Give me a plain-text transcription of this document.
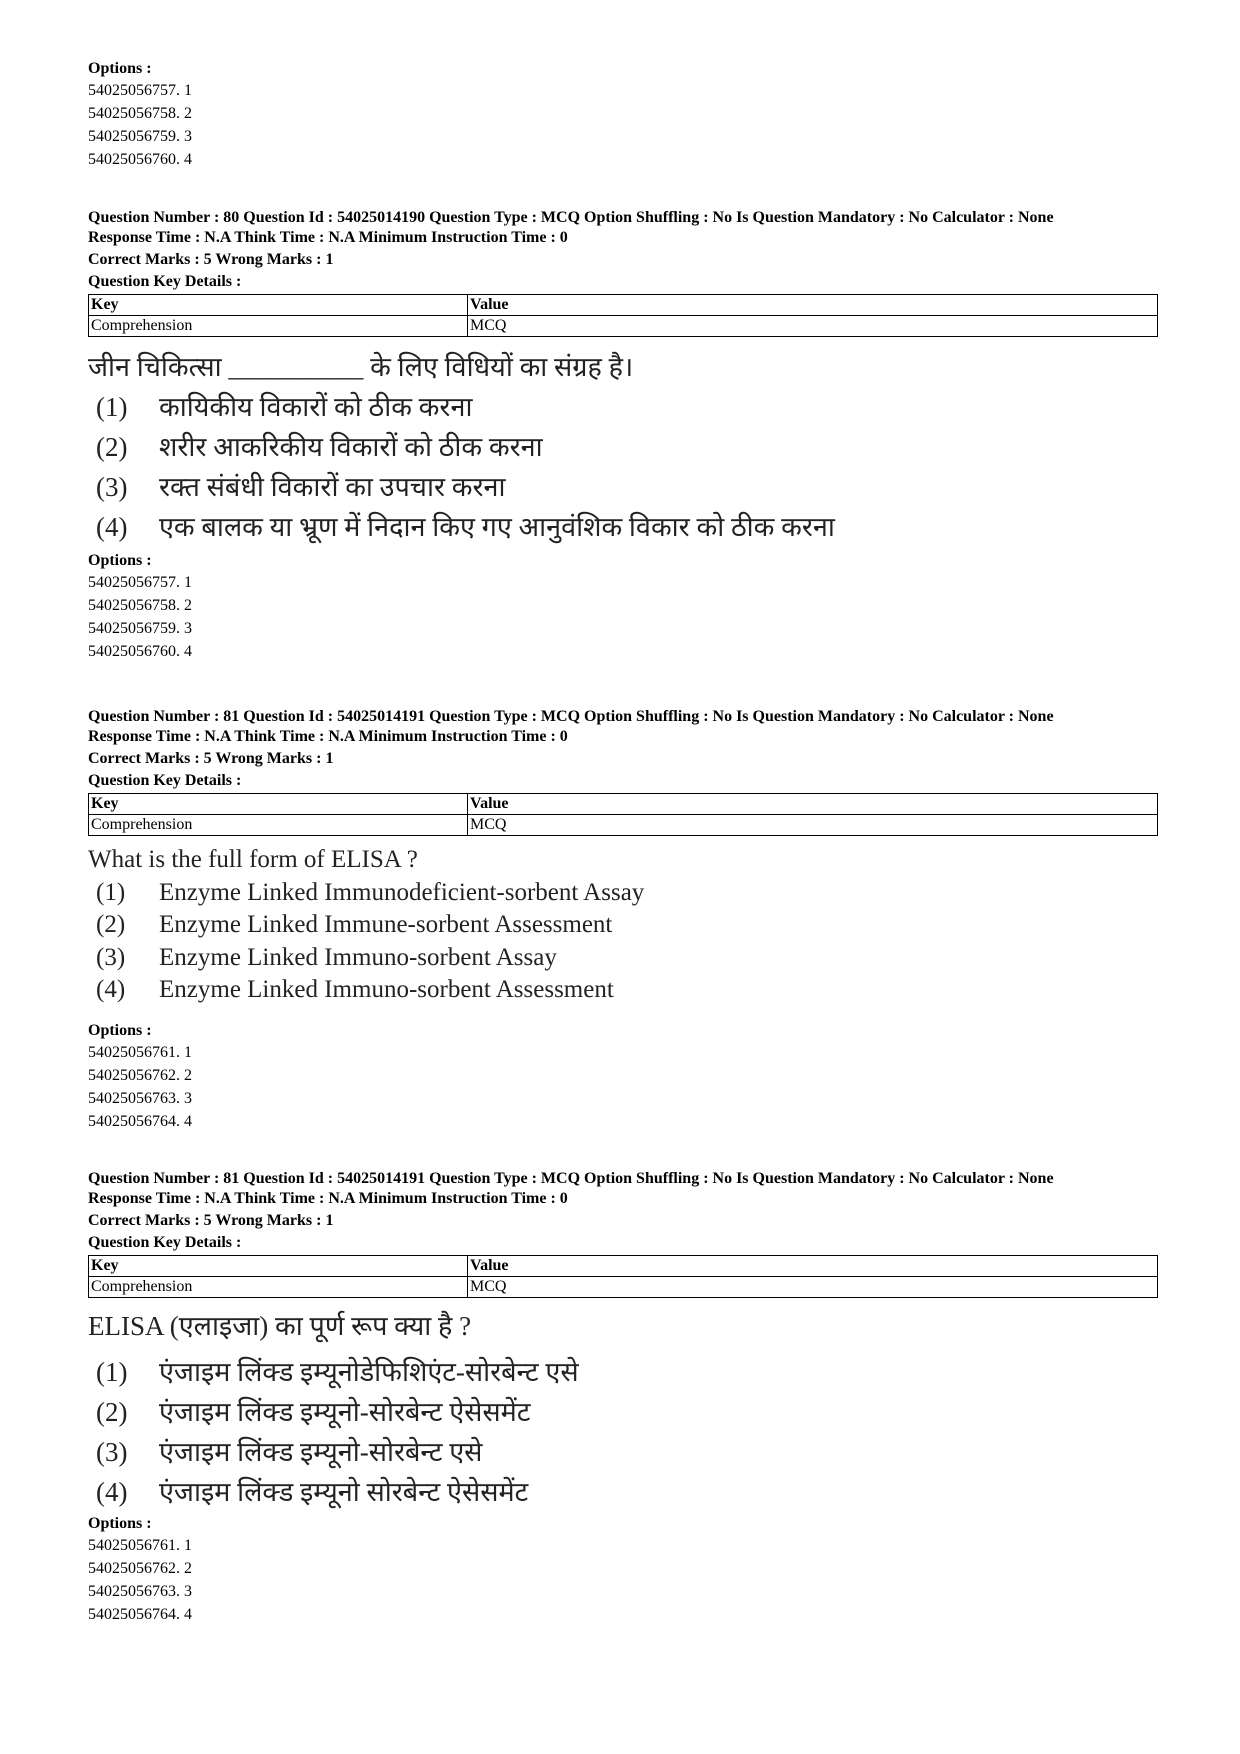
Options :
54025056757. 1
54025056758. 2
54025056759. 3
54025056760. 4
Question Number : 80 Question Id : 54025014190 Question Type : MCQ Option Shuffling : No Is Question Mandatory : No Calculator : None
Response Time : N.A Think Time : N.A Minimum Instruction Time : 0
Correct Marks : 5 Wrong Marks : 1
Question Key Details :
Key	Value
Comprehension	MCQ
जीन चिकित्सा __________ के लिए विधियों का संग्रह है।
(1)	कायिकीय विकारों को ठीक करना
(2)	शरीर आकरिकीय विकारों को ठीक करना
(3)	रक्त संबंधी विकारों का उपचार करना
(4)	एक बालक या भ्रूण में निदान किए गए आनुवंशिक विकार को ठीक करना
Options :
54025056757. 1
54025056758. 2
54025056759. 3
54025056760. 4
Question Number : 81 Question Id : 54025014191 Question Type : MCQ Option Shuffling : No Is Question Mandatory : No Calculator : None
Response Time : N.A Think Time : N.A Minimum Instruction Time : 0
Correct Marks : 5 Wrong Marks : 1
Question Key Details :
Key	Value
Comprehension	MCQ
What is the full form of ELISA ?
(1)	Enzyme Linked Immunodeficient-sorbent Assay
(2)	Enzyme Linked Immune-sorbent Assessment
(3)	Enzyme Linked Immuno-sorbent Assay
(4)	Enzyme Linked Immuno-sorbent Assessment
Options :
54025056761. 1
54025056762. 2
54025056763. 3
54025056764. 4
Question Number : 81 Question Id : 54025014191 Question Type : MCQ Option Shuffling : No Is Question Mandatory : No Calculator : None
Response Time : N.A Think Time : N.A Minimum Instruction Time : 0
Correct Marks : 5 Wrong Marks : 1
Question Key Details :
Key	Value
Comprehension	MCQ
ELISA (एलाइजा) का पूर्ण रूप क्या है ?
(1)	एंजाइम लिंक्ड इम्यूनोडेफिशिएंट-सोरबेन्ट एसे
(2)	एंजाइम लिंक्ड इम्यूनो-सोरबेन्ट ऐसेसमेंट
(3)	एंजाइम लिंक्ड इम्यूनो-सोरबेन्ट एसे
(4)	एंजाइम लिंक्ड इम्यूनो सोरबेन्ट ऐसेसमेंट
Options :
54025056761. 1
54025056762. 2
54025056763. 3
54025056764. 4
